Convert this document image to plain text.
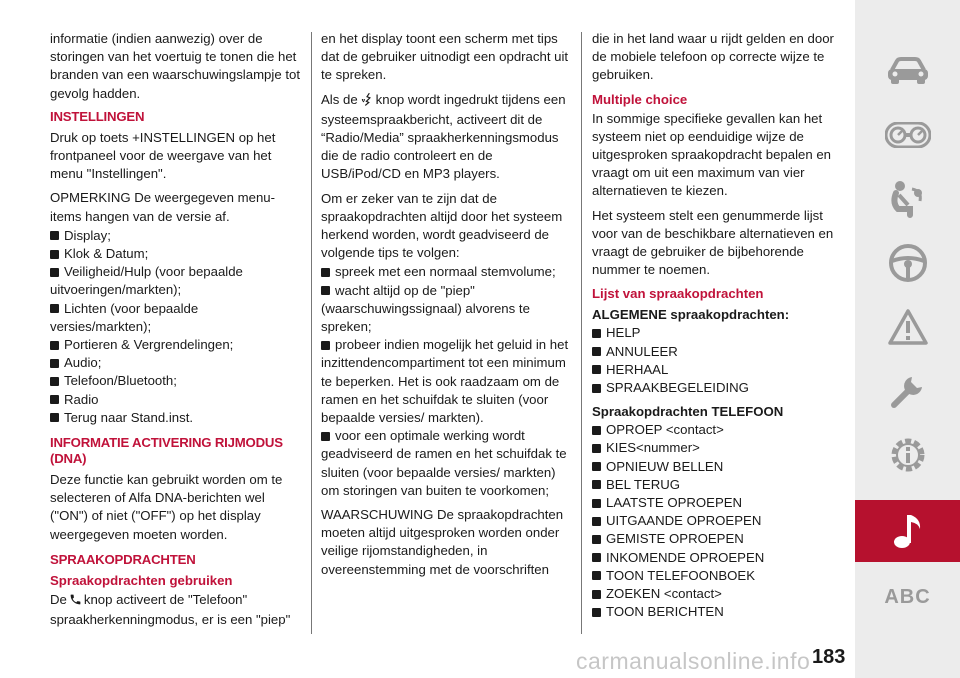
informatie (indien aanwezig) over de storingen van het voertuig te tonen die het branden van een waarschuwingslampje tot gevolg hadden.

INSTELLINGEN

Druk op toets +INSTELLINGEN op het frontpaneel voor de weergave van het menu "Instellingen".

OPMERKING De weergegeven menu-items hangen van de versie af.

Display;
Klok & Datum;
Veiligheid/Hulp (voor bepaalde uitvoeringen/markten);
Lichten (voor bepaalde versies/markten);
Portieren & Vergrendelingen;
Audio;
Telefoon/Bluetooth;
Radio
Terug naar Stand.inst.
INFORMATIE ACTIVERING RIJMODUS (DNA)

Deze functie kan gebruikt worden om te selecteren of Alfa DNA-berichten wel ("ON") of niet ("OFF") op het display weergegeven moeten worden.

SPRAAKOPDRACHTEN
Spraakopdrachten gebruiken

De knop activeert de "Telefoon" spraakherkenningmodus, er is een "piep"

en het display toont een scherm met tips dat de gebruiker uitnodigt een opdracht uit te spreken.

Als de knop wordt ingedrukt tijdens een systeemspraakbericht, activeert dit de “Radio/Media” spraakherkenningsmodus die de radio controleert en de USB/iPod/CD en MP3 players.

Om er zeker van te zijn dat de spraakopdrachten altijd door het systeem herkend worden, wordt geadviseerd de volgende tips te volgen:

spreek met een normaal stemvolume;
wacht altijd op de "piep" (waarschuwingssignaal) alvorens te spreken;
probeer indien mogelijk het geluid in het inzittendencompartiment tot een minimum te beperken. Het is ook raadzaam om de ramen en het schuifdak te sluiten (voor bepaalde versies/ markten).
voor een optimale werking wordt geadviseerd de ramen en het schuifdak te sluiten (voor bepaalde versies/ markten) om storingen van buiten te voorkomen;

WAARSCHUWING De spraakopdrachten moeten altijd uitgesproken worden onder veilige rijomstandigheden, in overeenstemming met de voorschriften

die in het land waar u rijdt gelden en door de mobiele telefoon op correcte wijze te gebruiken.

Multiple choice

In sommige specifieke gevallen kan het systeem niet op eenduidige wijze de uitgesproken spraakopdracht bepalen en vraagt om uit een maximum van vier alternatieven te kiezen.

Het systeem stelt een genummerde lijst voor van de beschikbare alternatieven en vraagt de gebruiker de bijbehorende nummer te noemen.

Lijst van spraakopdrachten
ALGEMENE spraakopdrachten:
HELP
ANNULEER
HERHAAL
SPRAAKBEGELEIDING
Spraakopdrachten TELEFOON
OPROEP <contact>
KIES<nummer>
OPNIEUW BELLEN
BEL TERUG
LAATSTE OPROEPEN
UITGAANDE OPROEPEN
GEMISTE OPROEPEN
INKOMENDE OPROEPEN
TOON TELEFOONBOEK
ZOEKEN <contact>
TOON BERICHTEN
ABC
carmanualsonline.info 183
